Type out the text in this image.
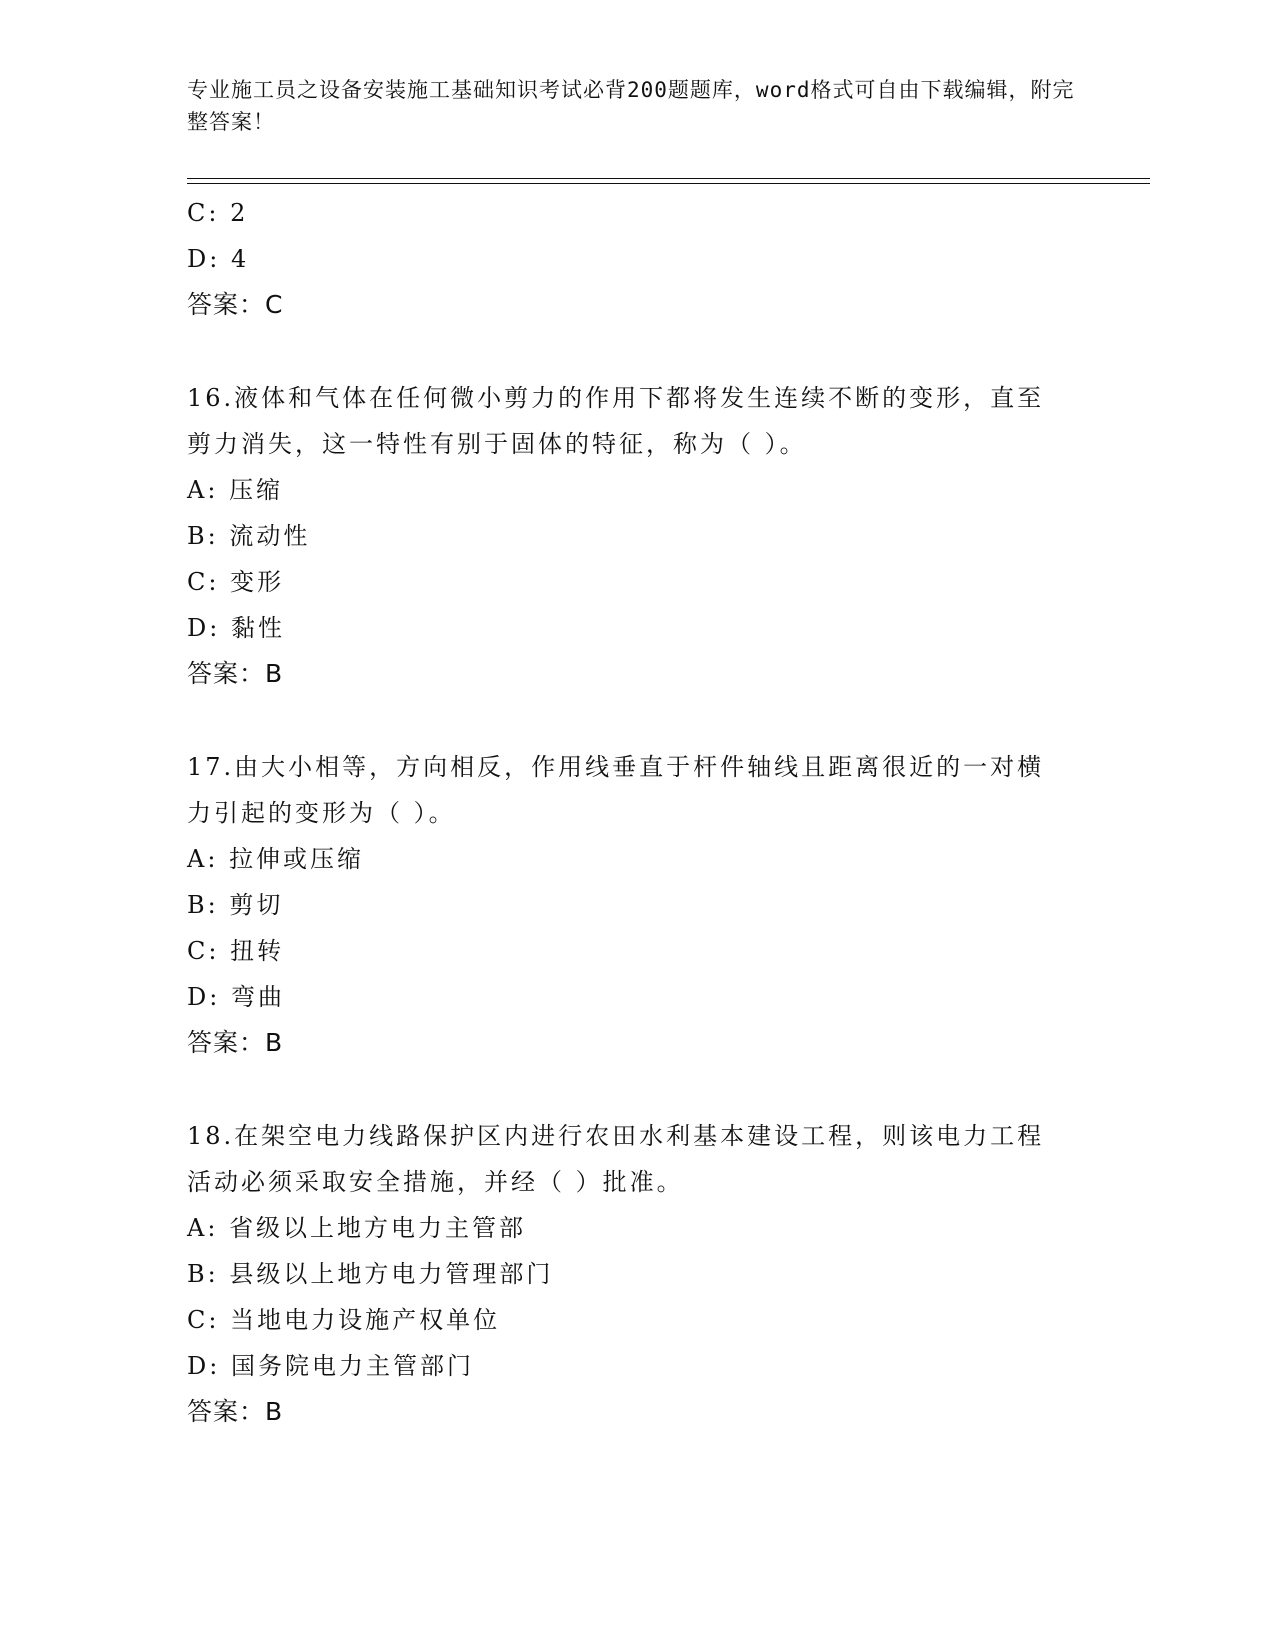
专业施工员之设备安装施工基础知识考试必背200题题库，word格式可自由下载编辑，附完整答案！
C: 2
D: 4
答案：C
16.液体和气体在任何微小剪力的作用下都将发生连续不断的变形，直至剪力消失，这一特性有别于固体的特征，称为（ ）。
A: 压缩
B: 流动性
C: 变形
D: 黏性
答案：B
17.由大小相等，方向相反，作用线垂直于杆件轴线且距离很近的一对横力引起的变形为（ ）。
A: 拉伸或压缩
B: 剪切
C: 扭转
D: 弯曲
答案：B
18.在架空电力线路保护区内进行农田水利基本建设工程，则该电力工程活动必须采取安全措施，并经（ ）批准。
A: 省级以上地方电力主管部
B: 县级以上地方电力管理部门
C: 当地电力设施产权单位
D: 国务院电力主管部门
答案：B
